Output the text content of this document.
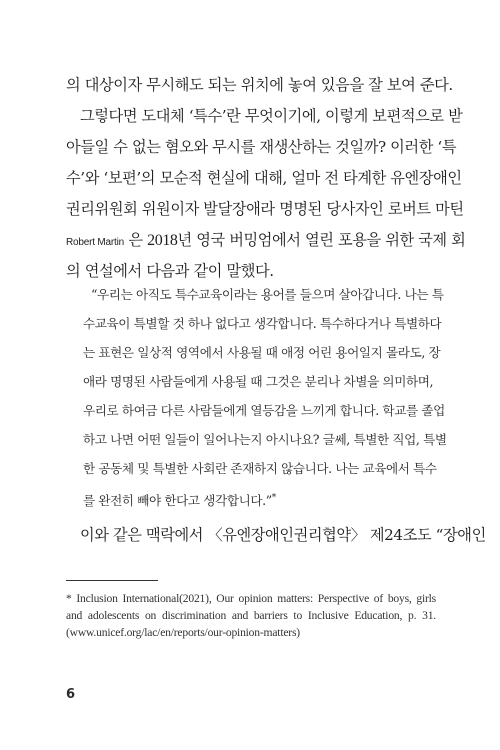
의 대상이자 무시해도 되는 위치에 놓여 있음을 잘 보여 준다.
그렇다면 도대체 ‘특수’란 무엇이기에, 이렇게 보편적으로 받
아들일 수 없는 혐오와 무시를 재생산하는 것일까? 이러한 ‘특
수’와 ‘보편’의 모순적 현실에 대해, 얼마 전 타계한 유엔장애인
권리위원회 위원이자 발달장애라 명명된 당사자인 로버트 마틴
Robert Martin 은 2018년 영국 버밍엄에서 열린 포용을 위한 국제 회
의 연설에서 다음과 같이 말했다.
“우리는 아직도 특수교육이라는 용어를 들으며 살아갑니다. 나는 특
수교육이 특별할 것 하나 없다고 생각합니다. 특수하다거나 특별하다
는 표현은 일상적 영역에서 사용될 때 애정 어린 용어일지 몰라도, 장
애라 명명된 사람들에게 사용될 때 그것은 분리나 차별을 의미하며,
우리로 하여금 다른 사람들에게 열등감을 느끼게 합니다. 학교를 졸업
하고 나면 어떤 일들이 일어나는지 아시나요? 글쎄, 특별한 직업, 특별
한 공동체 및 특별한 사회란 존재하지 않습니다. 나는 교육에서 특수
를 완전히 빼야 한다고 생각합니다.”*
이와 같은 맥락에서 〈유엔장애인권리협약〉 제24조도 “장애인
* Inclusion International(2021), Our opinion matters: Perspective of boys, girls
and adolescents on discrimination and barriers to Inclusive Education, p. 31.
(www.unicef.org/lac/en/reports/our-opinion-matters)
6
